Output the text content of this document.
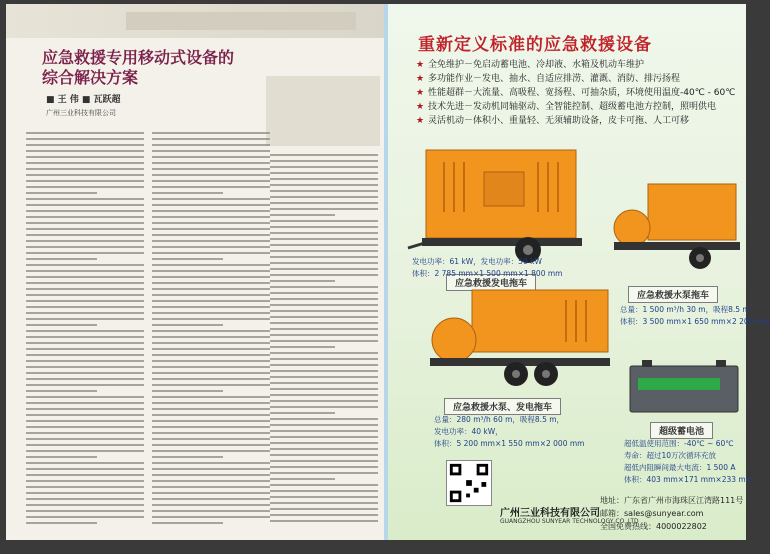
应急救援专用移动式设备的
综合解决方案
■ 王 伟 ■ 瓦跃超
广州三业科技有限公司
重新定义标准的应急救援设备
★ 全免维护－免启动蓄电池、冷却液、水箱及机动车维护
★ 多功能作业－发电、抽水、自适应排涝、灌溉、消防、排污扬程
★ 性能超群－大流量、高吸程、宽扬程、可抽杂质，环境使用温度-40℃ - 60℃
★ 技术先进－发动机同轴驱动、全智能控制、超级蓄电池方控制，照明供电
★ 灵活机动－体积小、重量轻、无须辅助设备，皮卡可拖、人工可移
应急救援发电拖车
发电功率：61 kW，发电功率：50 kW
体积：2 785 mm×1 500 mm×1 800 mm
应急救援水泵拖车
总量：1 500 m³/h 30 m，吸程8.5 m
体积：3 500 mm×1 650 mm×2 200 mm
应急救援水泵、发电拖车
总量：280 m³/h 60 m，吸程8.5 m，
发电功率：40 kW，
体积：5 200 mm×1 550 mm×2 000 mm
超级蓄电池
超低温使用范围：-40℃ ~ 60℃
寿命：超过10万次循环充放
超低内阻瞬间最大电流：1 500 A
体积：403 mm×171 mm×233 mm
广州三业科技有限公司
GUANGZHOU SUNYEAR TECHNOLOGY CO.,LTD
地址：广东省广州市海珠区江湾路111号
邮箱：sales@sunyear.com
全国免费热线：4000022802
